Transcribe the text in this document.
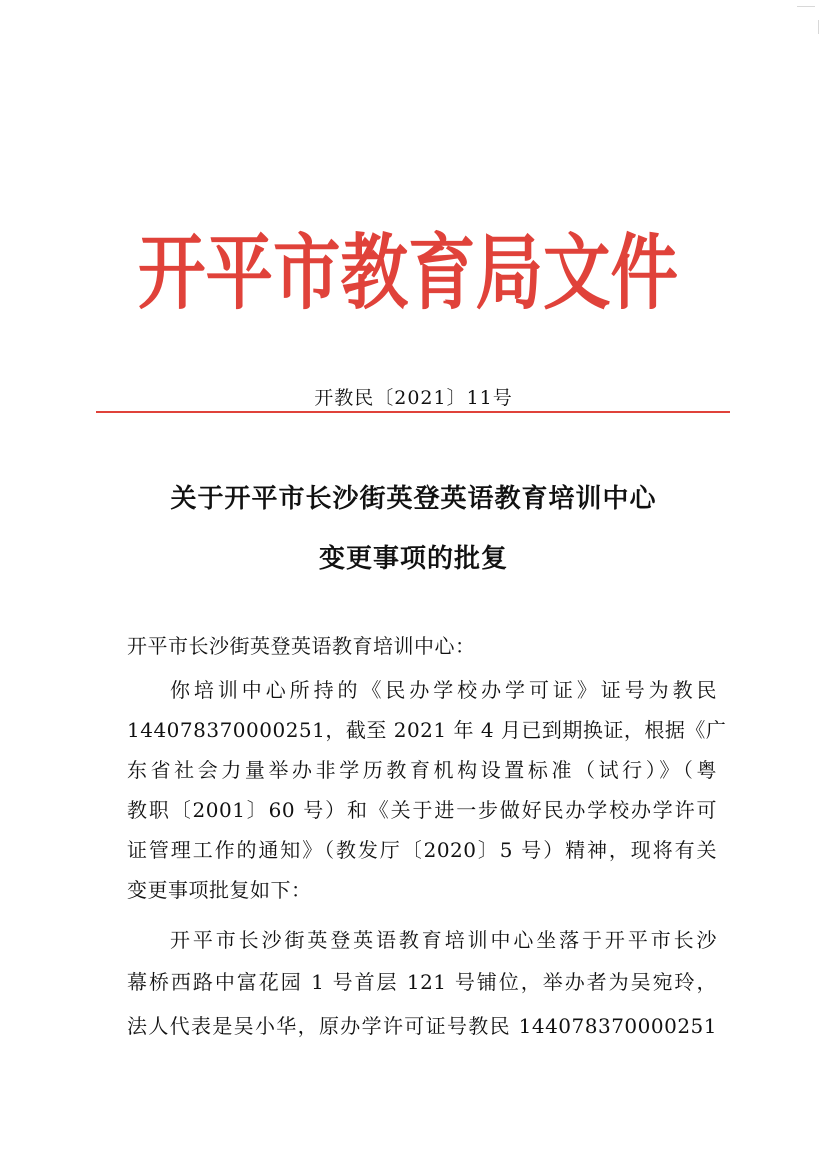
开平市教育局文件
开教民〔2021〕11号
关于开平市长沙街英登英语教育培训中心
变更事项的批复
开平市长沙街英登英语教育培训中心：
你培训中心所持的《民办学校办学可证》证号为教民
144078370000251，截至 2021 年 4 月已到期换证，根据《广
东省社会力量举办非学历教育机构设置标准（试行）》（粤
教职〔2001〕60 号）和《关于进一步做好民办学校办学许可
证管理工作的通知》（教发厅〔2020〕5 号）精神，现将有关
变更事项批复如下：
开平市长沙街英登英语教育培训中心坐落于开平市长沙
幕桥西路中富花园 1 号首层 121 号铺位，举办者为吴宛玲，
法人代表是吴小华，原办学许可证号教民 144078370000251
